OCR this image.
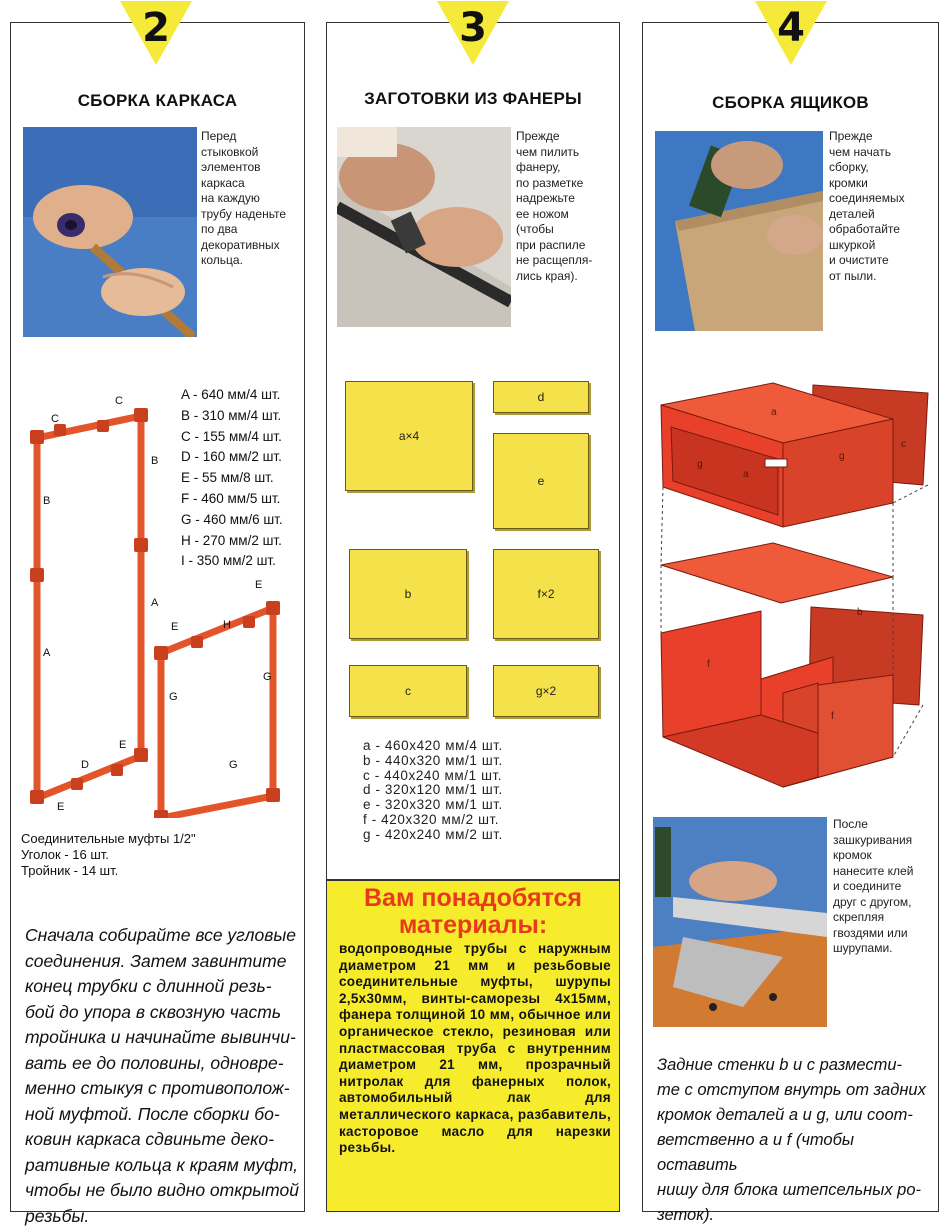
2
СБОРКА КАРКАСА
Перед
стыковкой
элементов
каркаса
на каждую
трубу наденьте
по два
декоративных
кольца.
C
C
B
B
A
A
D
E
E
E
E
H
G
G
G
A - 640 мм/4 шт.
B - 310 мм/4 шт.
C - 155 мм/4 шт.
D - 160 мм/2 шт.
E - 55 мм/8 шт.
F - 460 мм/5 шт.
G - 460 мм/6 шт.
H - 270 мм/2 шт.
I - 350 мм/2 шт.
Соединительные муфты 1/2"
Уголок - 16 шт.
Тройник - 14 шт.
Сначала собирайте все угловые
соединения. Затем завинтите
конец трубки с длинной резь-
бой до упора в сквозную часть
тройника и начинайте вывинчи-
вать ее до половины, одновре-
менно стыкуя с противополож-
ной муфтой. После сборки бо-
ковин каркаса сдвиньте деко-
ративные кольца к краям муфт,
чтобы не было видно открытой
резьбы.
3
ЗАГОТОВКИ ИЗ ФАНЕРЫ
Прежде
чем пилить
фанеру,
по разметке
надрежьте
ее ножом
(чтобы
при распиле
не расщепля-
лись края).
a×4
d
e
b	f×2
c	g×2
a - 460x420 мм/4 шт.
b - 440x320 мм/1 шт.
c - 440x240 мм/1 шт.
d - 320x120 мм/1 шт.
e - 320x320 мм/1 шт.
f - 420x320 мм/2 шт.
g - 420x240 мм/2 шт.
Вам понадобятся
материалы:
водопроводные трубы с наружным диаметром 21 мм и резьбовые соединительные муфты, шурупы 2,5x30мм, винты-саморезы 4x15мм, фанера толщиной 10 мм, обычное или органическое стекло, резиновая или пластмассовая труба с внутренним диаметром 21 мм, прозрачный нитролак для фанерных полок, автомобильный лак для металлического каркаса, разбавитель, касторовое масло для нарезки резьбы.
4
СБОРКА ЯЩИКОВ
Прежде
чем начать
сборку,
кромки
соединяемых
деталей
обработайте
шкуркой
и очистите
от пыли.
a
c
g
g
a
b
f
f
После
зашкуривания
кромок
нанесите клей
и соедините
друг с другом,
скрепляя
гвоздями или
шурупами.
Задние стенки b и c размести-
те с отступом внутрь от задних
кромок деталей a и g, или соот-
ветственно a и f (чтобы оставить
нишу для блока штепсельных ро-
зеток).
